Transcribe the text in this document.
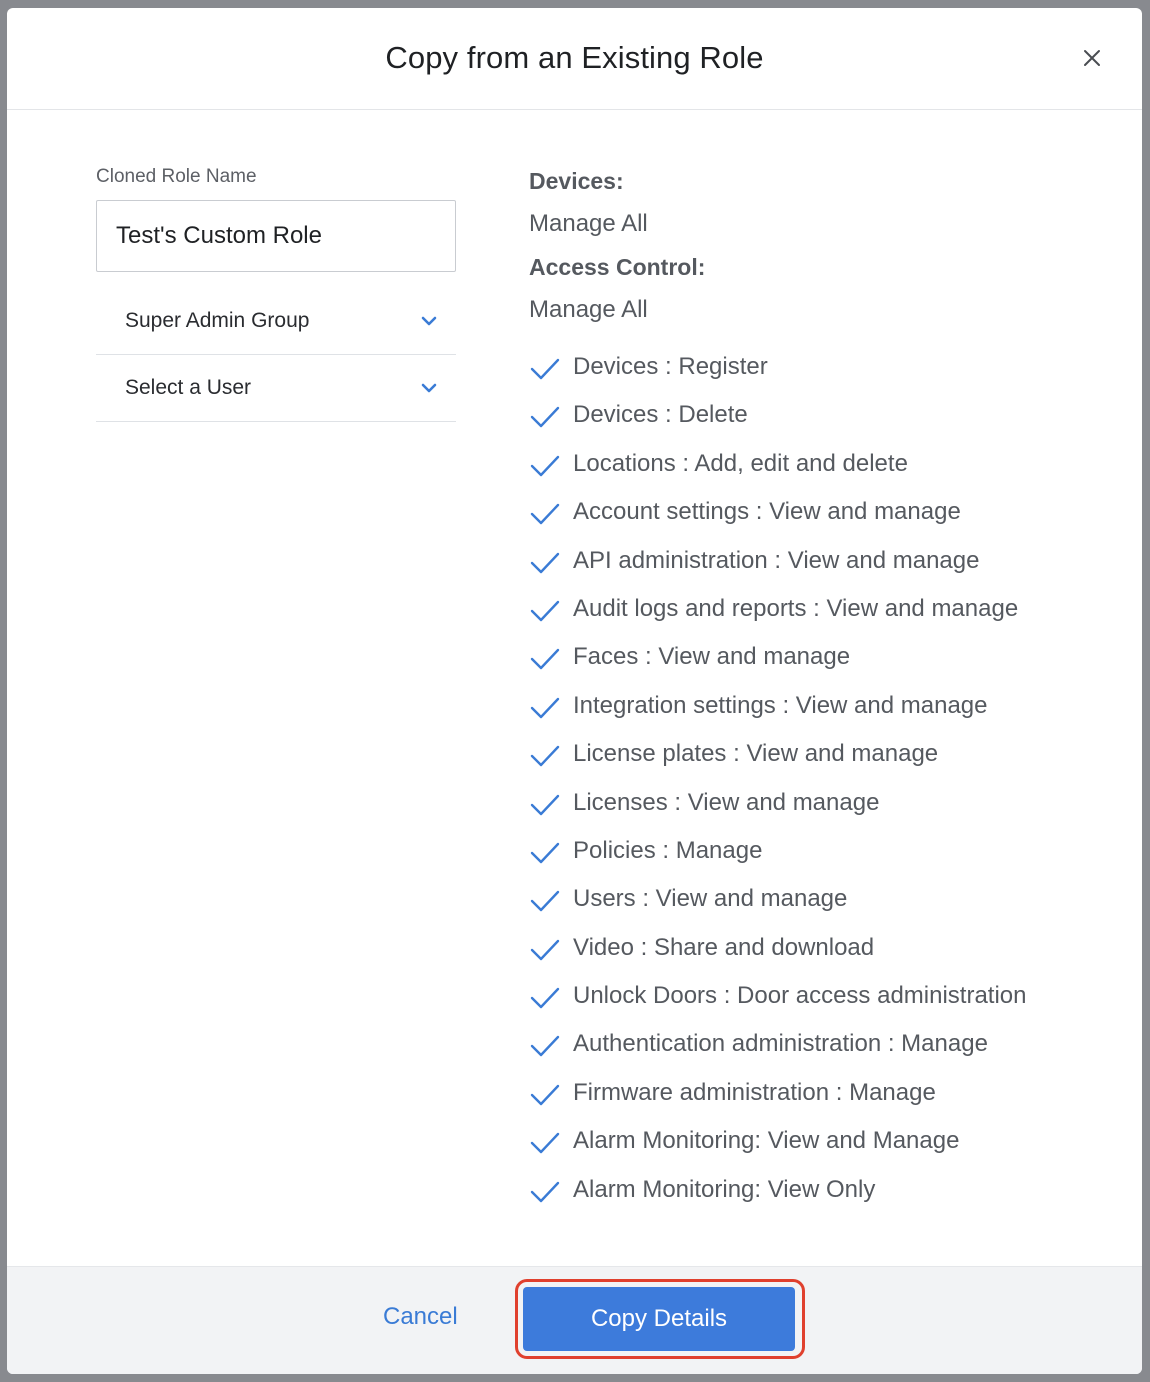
Copy from an Existing Role
Cloned Role Name
Test's Custom Role
Super Admin Group
Select a User
Devices:
Manage All
Access Control:
Manage All
Devices : Register
Devices : Delete
Locations : Add, edit and delete
Account settings : View and manage
API administration : View and manage
Audit logs and reports : View and manage
Faces : View and manage
Integration settings : View and manage
License plates : View and manage
Licenses : View and manage
Policies : Manage
Users : View and manage
Video : Share and download
Unlock Doors : Door access administration
Authentication administration : Manage
Firmware administration : Manage
Alarm Monitoring: View and Manage
Alarm Monitoring: View Only
Cancel	Copy Details
